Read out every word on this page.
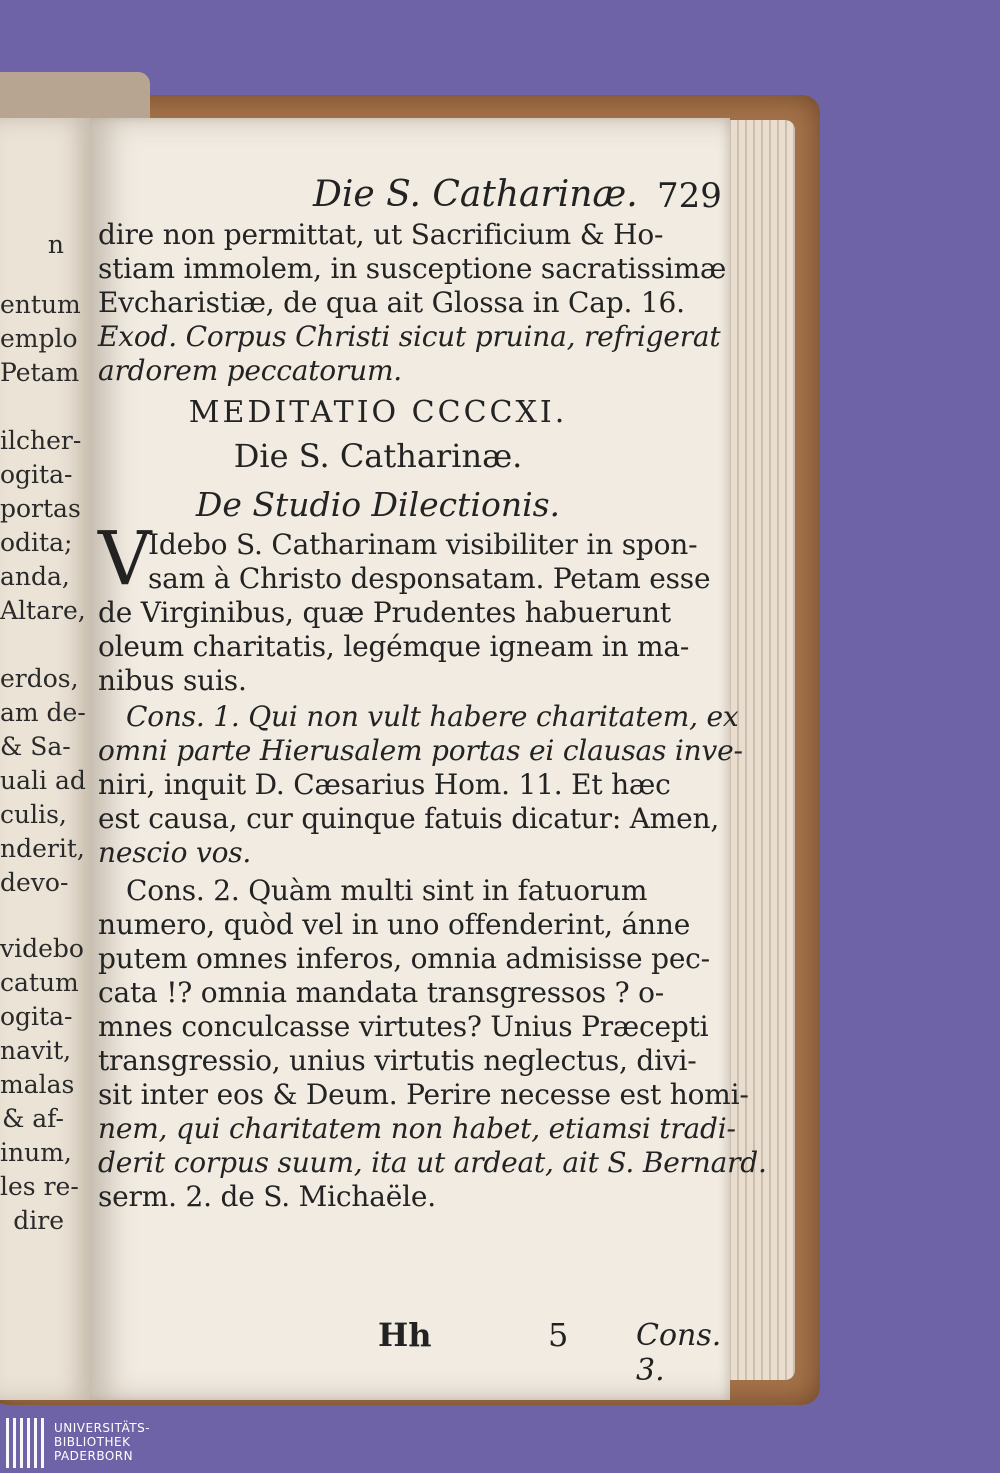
n
entum
emplo
Petam
ilcher-
ogita-
portas
odita;
anda,
Altare,
erdos,
am de-
& Sa-
uali ad
culis,
nderit,
devo-
videbo
catum
ogita-
navit,
malas
& af-
inum,
les re-
dire
Die S. Catharinæ. 729
dire non permittat, ut Sacrificium & Ho-
stiam immolem, in susceptione sacratissimæ
Evcharistiæ, de qua ait Glossa in Cap. 16.
Exod. Corpus Christi sicut pruina, refrigerat
ardorem peccatorum.
MEDITATIO CCCCXI.
Die S. Catharinæ.
De Studio Dilectionis.
V
Idebo S. Catharinam visibiliter in spon-
sam à Christo desponsatam. Petam esse
de Virginibus, quæ Prudentes habuerunt
oleum charitatis, legémque igneam in ma-
nibus suis.
Cons. 1. Qui non vult habere charitatem, ex
omni parte Hierusalem portas ei clausas inve-
niri, inquit D. Cæsarius Hom. 11. Et hæc
est causa, cur quinque fatuis dicatur: Amen,
nescio vos.
Cons. 2. Quàm multi sint in fatuorum
numero, quòd vel in uno offenderint, ánne
putem omnes inferos, omnia admisisse pec-
cata !? omnia mandata transgressos ? o-
mnes conculcasse virtutes? Unius Præcepti
transgressio, unius virtutis neglectus, divi-
sit inter eos & Deum. Perire necesse est homi-
nem, qui charitatem non habet, etiamsi tradi-
derit corpus suum, ita ut ardeat, ait S. Bernard.
serm. 2. de S. Michaële.
Hh	5 Cons. 3.
UNIVERSITÄTS-
BIBLIOTHEK
PADERBORN
